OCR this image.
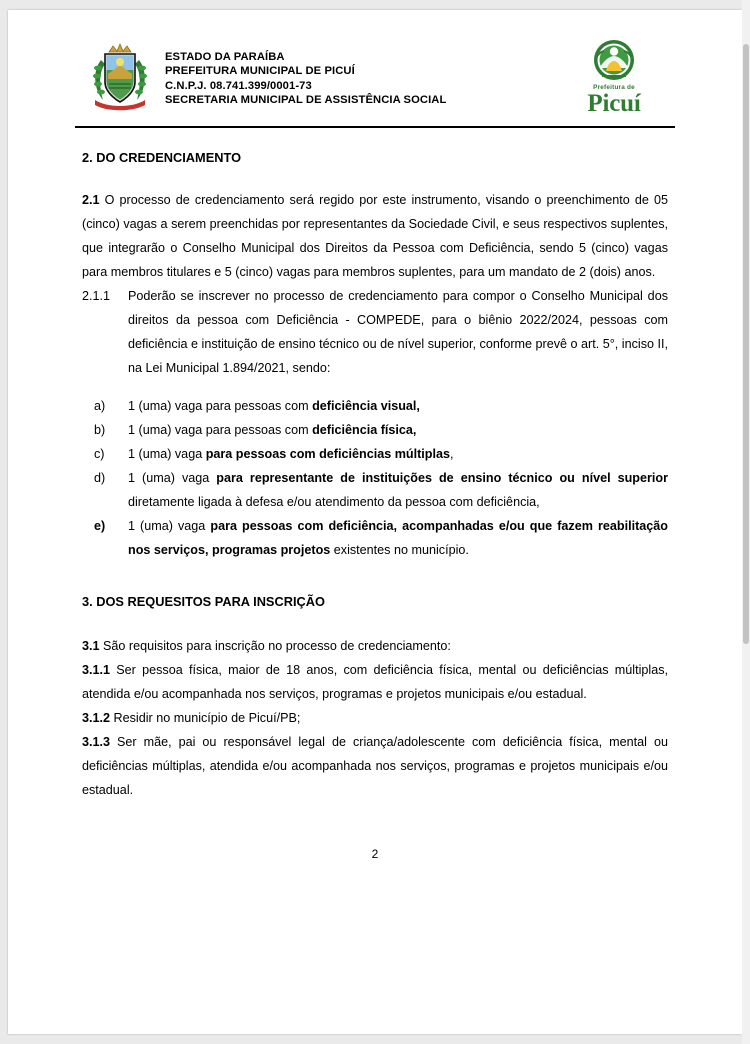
ESTADO DA PARAÍBA
PREFEITURA MUNICIPAL DE PICUÍ
C.N.P.J. 08.741.399/0001-73
SECRETARIA MUNICIPAL DE ASSISTÊNCIA SOCIAL
Prefeitura de
Picuí
2. DO CREDENCIAMENTO

2.1 O processo de credenciamento será regido por este instrumento, visando o preenchimento de 05 (cinco) vagas a serem preenchidas por representantes da Sociedade Civil, e seus respectivos suplentes, que integrarão o Conselho Municipal dos Direitos da Pessoa com Deficiência, sendo 5 (cinco) vagas para membros titulares e 5 (cinco) vagas para membros suplentes, para um mandato de 2 (dois) anos.

2.1.1	Poderão se inscrever no processo de credenciamento para compor o Conselho Municipal dos direitos da pessoa com Deficiência - COMPEDE, para o biênio 2022/2024, pessoas com deficiência e instituição de ensino técnico ou de nível superior, conforme prevê o art. 5°, inciso II, na Lei Municipal 1.894/2021, sendo:
a)	1 (uma) vaga para pessoas com deficiência visual,
b)	1 (uma) vaga para pessoas com deficiência física,
c)	1 (uma) vaga para pessoas com deficiências múltiplas,
d)	1 (uma) vaga para representante de instituições de ensino técnico ou nível superior diretamente ligada à defesa e/ou atendimento da pessoa com deficiência,
e)	1 (uma) vaga para pessoas com deficiência, acompanhadas e/ou que fazem reabilitação nos serviços, programas projetos existentes no município.
3. DOS REQUESITOS PARA INSCRIÇÃO

3.1 São requisitos para inscrição no processo de credenciamento:

3.1.1 Ser pessoa física, maior de 18 anos, com deficiência física, mental ou deficiências múltiplas, atendida e/ou acompanhada nos serviços, programas e projetos municipais e/ou estadual.

3.1.2 Residir no município de Picuí/PB;

3.1.3 Ser mãe, pai ou responsável legal de criança/adolescente com deficiência física, mental ou deficiências múltiplas, atendida e/ou acompanhada nos serviços, programas e projetos municipais e/ou estadual.

2
